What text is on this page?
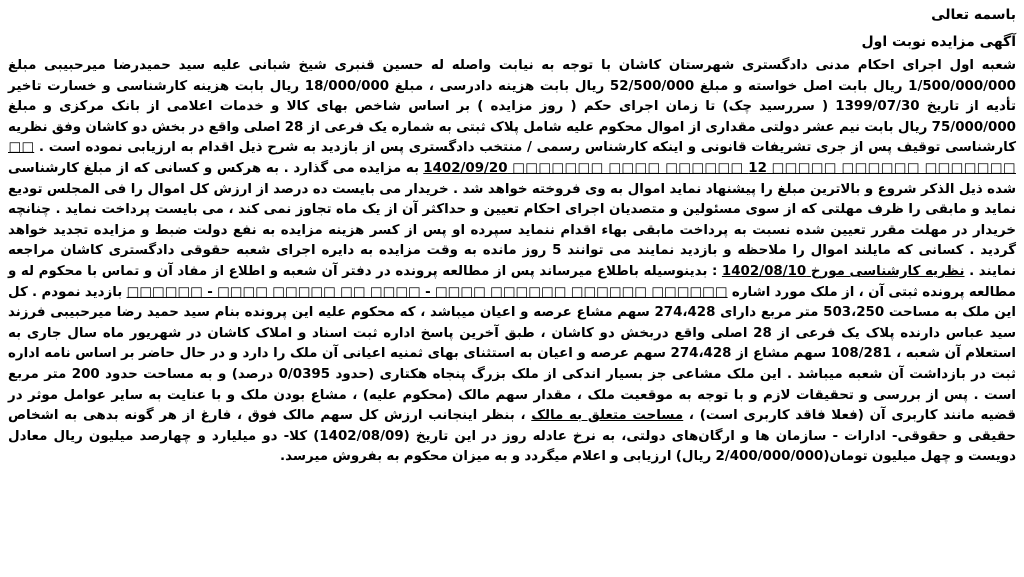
باسمه تعالی

آگهی مزایده نوبت اول

شعبه اول اجرای احکام مدنی دادگستری شهرستان کاشان با توجه به نیابت واصله له حسین قنبری شیخ شبانی علیه سید حمیدرضا میرحبیبی مبلغ 1/500/000/000 ریال بابت اصل خواسته و مبلغ 52/500/000 ریال بابت هزینه دادرسی ، مبلغ 18/000/000 ریال بابت هزینه کارشناسی و خسارت تاخیر تأدیه از تاریخ 1399/07/30 ( سررسید چک) تا زمان اجرای حکم ( روز مزایده ) بر اساس شاخص بهای کالا و خدمات اعلامی از بانک مرکزی و مبلغ 75/000/000 ریال بابت نیم عشر دولتی مقداری از اموال محکوم علیه شامل پلاک ثبتی به شماره یک فرعی از 28 اصلی واقع در بخش دو کاشان وفق نظریه کارشناسی توقیف پس از جری تشریفات قانونی و اینکه کارشناس رسمی / منتخب دادگستری پس از بازدید به شرح ذیل اقدام به ارزیابی نموده است . □□ □□□□□□□ □□□□□□ □□□□□ 12 □□□□□□ □□□□ □□□□□□□ 1402/09/20 به مزایده می گذارد . به هرکس و کسانی که از مبلغ کارشناسی شده ذیل الذکر شروع و بالاترین مبلغ را پیشنهاد نماید اموال به وی فروخته خواهد شد . خریدار می بایست ده درصد از ارزش کل اموال را فی المجلس تودیع نماید و مابقی را ظرف مهلتی که از سوی مسئولین و متصدیان اجرای احکام تعیین و حداکثر آن از یک ماه تجاوز نمی کند ، می بایست پرداخت نماید . چنانچه خریدار در مهلت مقرر تعیین شده نسبت به پرداخت مابقی بهاء اقدام ننماید سپرده او پس از کسر هزینه مزایده به نفع دولت ضبط و مزایده تجدید خواهد گردید . کسانی که مایلند اموال را ملاحظه و بازدید نمایند می توانند 5 روز مانده به وقت مزایده به دایره اجرای شعبه حقوقی دادگستری کاشان مراجعه نمایند . نظریه کارشناسی مورخ 1402/08/10 : بدینوسیله باطلاع میرساند پس از مطالعه پرونده در دفتر آن شعبه و اطلاع از مفاد آن و تماس با محکوم له و مطالعه پرونده ثبتی آن ، از ملک مورد اشاره □□□□□□ □□□□□□ □□□□□□ □□□□ - □□□□ □□ □□□□□ □□□□ - □□□□□□ بازدید نمودم . کل این ملک به مساحت 503،250 متر مربع دارای 274،428 سهم مشاع عرصه و اعیان میباشد ، که محکوم علیه این پرونده بنام سید حمید رضا میرحبیبی فرزند سید عباس دارنده پلاک یک فرعی از 28 اصلی واقع دربخش دو کاشان ، طبق آخرین پاسخ اداره ثبت اسناد و املاک کاشان در شهریور ماه سال جاری به استعلام آن شعبه ، 108/281 سهم مشاع از 274،428 سهم عرصه و اعیان به استثنای بهای ثمنیه اعیانی آن ملک را دارد و در حال حاضر بر اساس نامه اداره ثبت در بازداشت آن شعبه میباشد . این ملک مشاعی جز بسیار اندکی از ملک بزرگ پنجاه هکتاری (حدود 0/0395 درصد) و به مساحت حدود 200 متر مربع است . پس از بررسی و تحقیقات لازم و با توجه به موقعیت ملک ، مقدار سهم مالک (محکوم علیه) ، مشاع بودن ملک و با عنایت به سایر عوامل موثر در قضیه مانند کاربری آن (فعلا فاقد کاربری است) ، مساحت متعلق به مالک ، بنظر اینجانب ارزش کل سهم مالک فوق ، فارغ از هر گونه بدهی به اشخاص حقیقی و حقوقی- ادارات - سازمان ها و ارگان‌های دولتی، به نرخ عادله روز در این تاریخ (1402/08/09) کلا- دو میلیارد و چهارصد میلیون ریال معادل دویست و چهل میلیون تومان(2/400/000/000 ریال) ارزیابی و اعلام میگردد و به میزان محکوم به بفروش میرسد.
